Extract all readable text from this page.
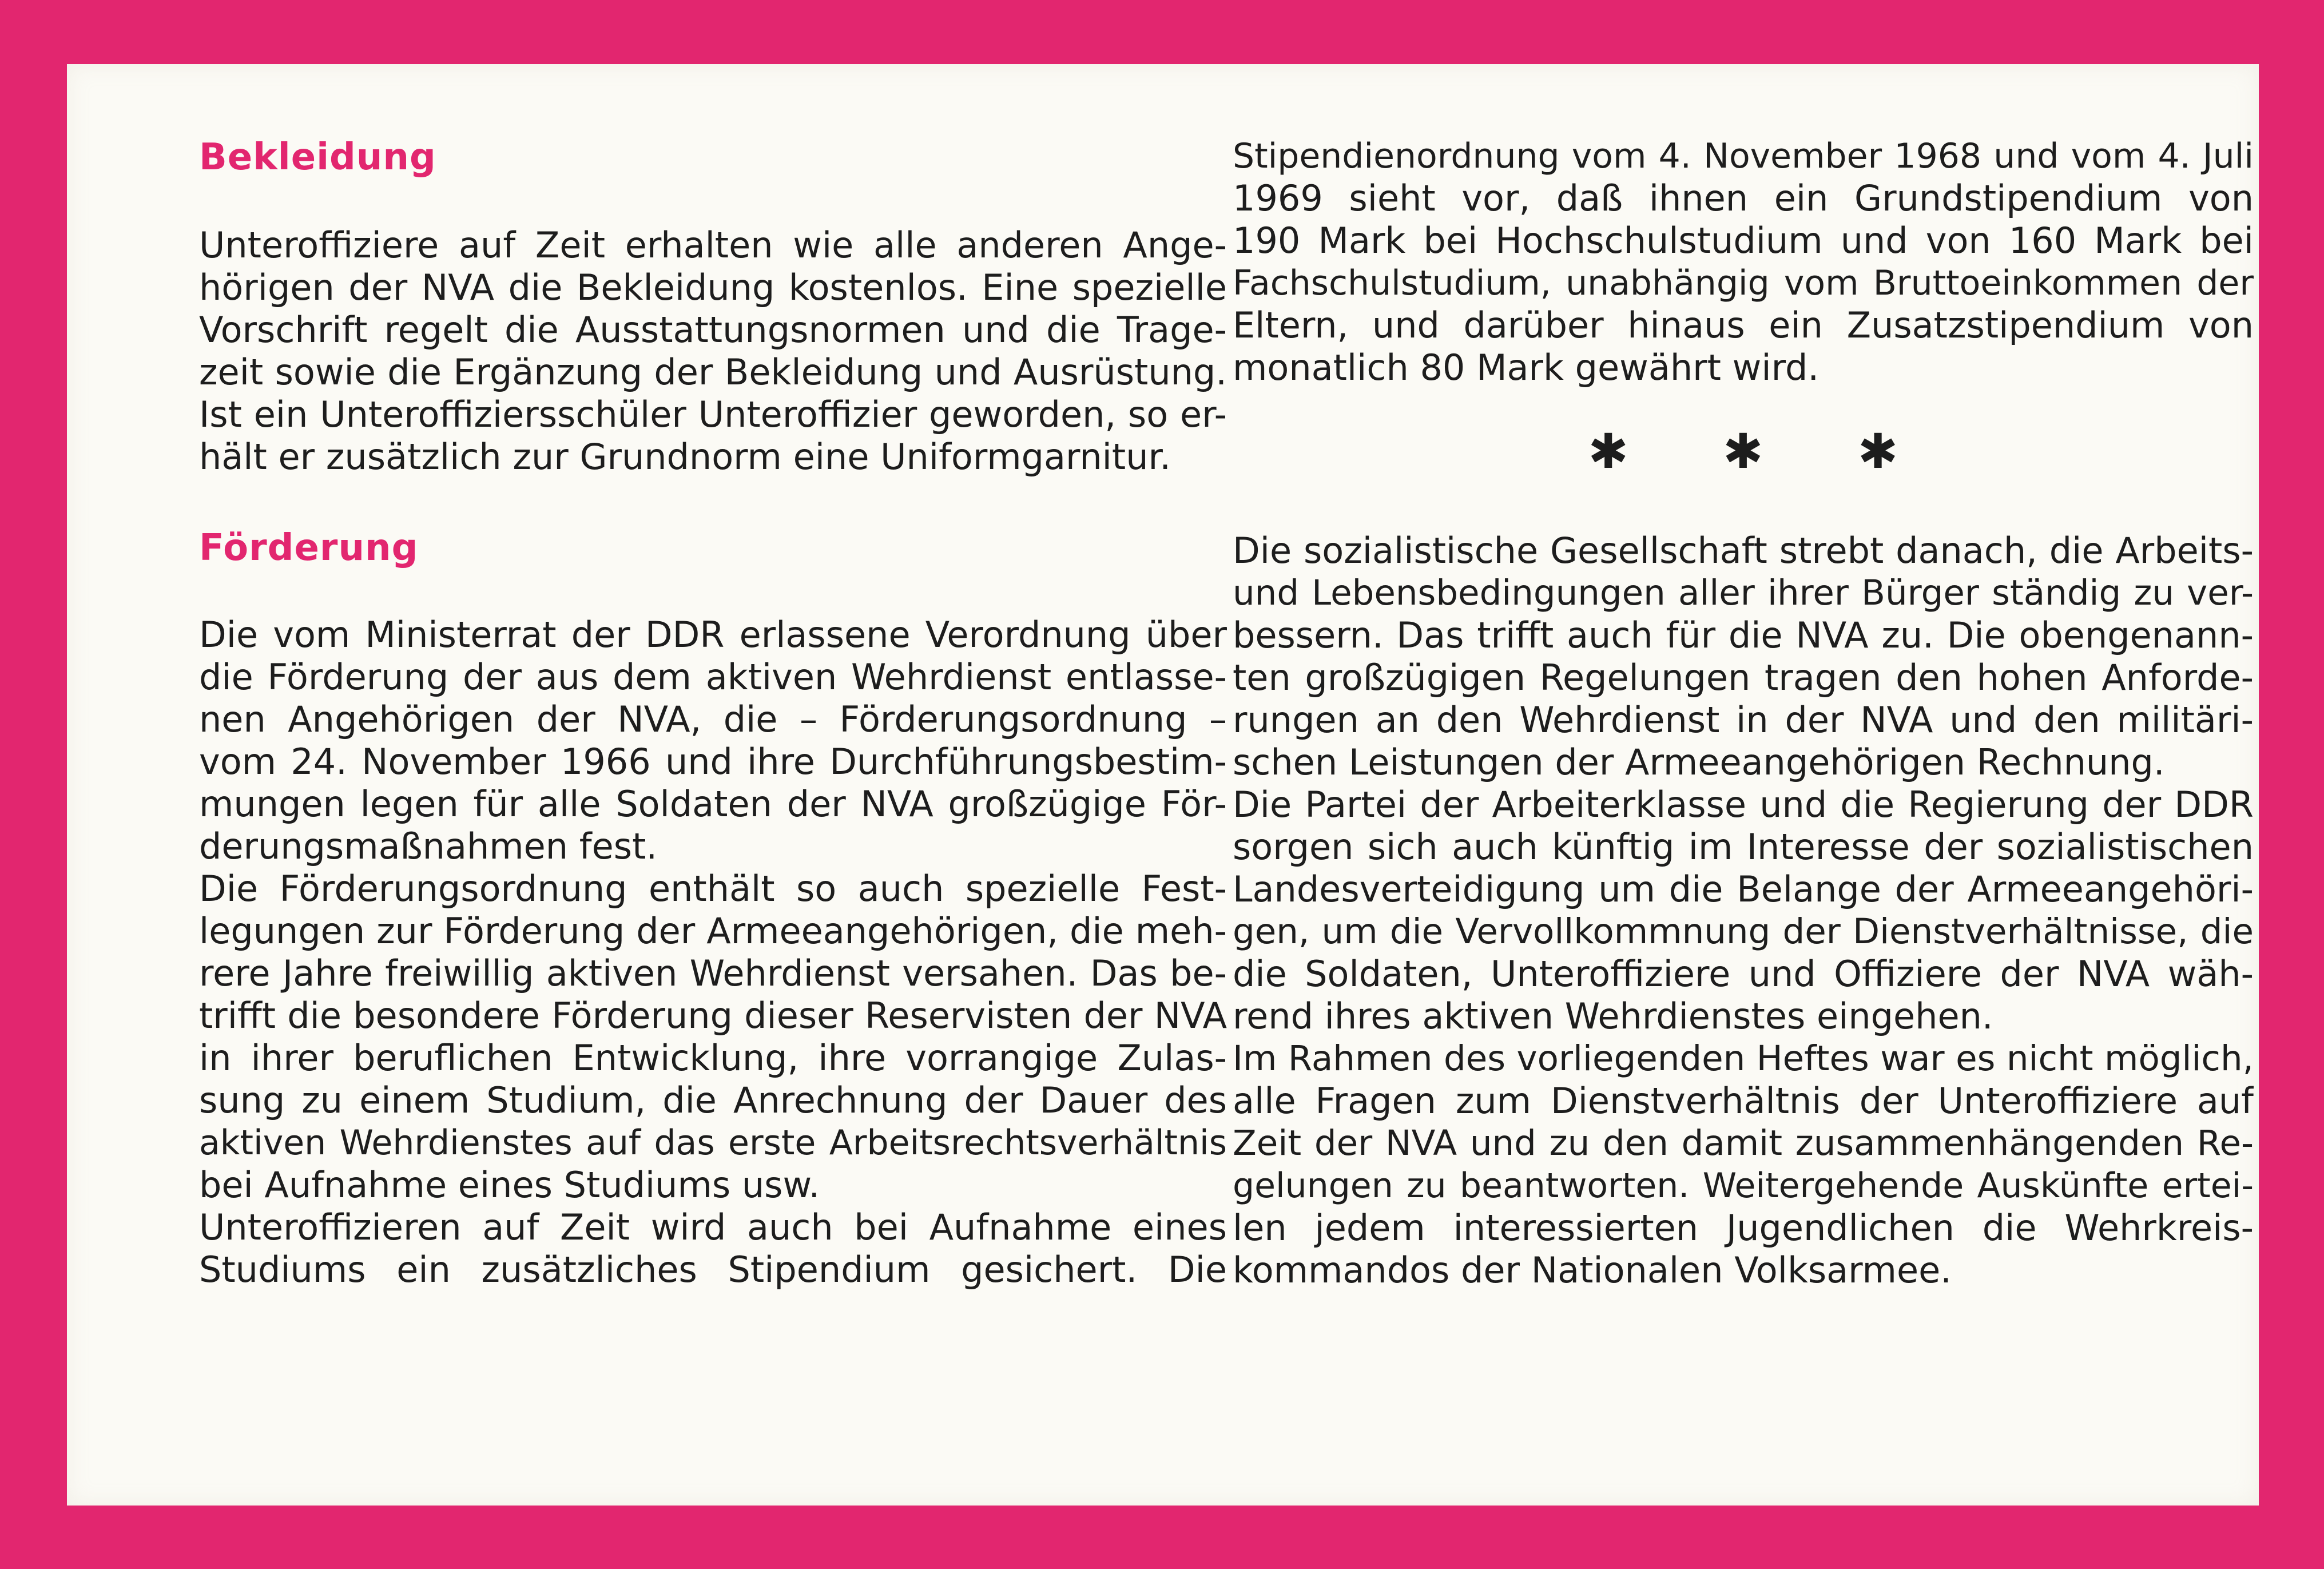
Bekleidung
Unteroffiziere auf Zeit erhalten wie alle anderen Ange-
hörigen der NVA die Bekleidung kostenlos. Eine spezielle
Vorschrift regelt die Ausstattungsnormen und die Trage-
zeit sowie die Ergänzung der Bekleidung und Ausrüstung.
Ist ein Unteroffiziersschüler Unteroffizier geworden, so er-
hält er zusätzlich zur Grundnorm eine Uniformgarnitur.
Förderung
Die vom Ministerrat der DDR erlassene Verordnung über
die Förderung der aus dem aktiven Wehrdienst entlasse-
nen Angehörigen der NVA, die – Förderungsordnung –
vom 24. November 1966 und ihre Durchführungsbestim-
mungen legen für alle Soldaten der NVA großzügige För-
derungsmaßnahmen fest.
Die Förderungsordnung enthält so auch spezielle Fest-
legungen zur Förderung der Armeeangehörigen, die meh-
rere Jahre freiwillig aktiven Wehrdienst versahen. Das be-
trifft die besondere Förderung dieser Reservisten der NVA
in ihrer beruflichen Entwicklung, ihre vorrangige Zulas-
sung zu einem Studium, die Anrechnung der Dauer des
aktiven Wehrdienstes auf das erste Arbeitsrechtsverhältnis
bei Aufnahme eines Studiums usw.
Unteroffizieren auf Zeit wird auch bei Aufnahme eines
Studiums ein zusätzliches Stipendium gesichert. Die
Stipendienordnung vom 4. November 1968 und vom 4. Juli
1969 sieht vor, daß ihnen ein Grundstipendium von
190 Mark bei Hochschulstudium und von 160 Mark bei
Fachschulstudium, unabhängig vom Bruttoeinkommen der
Eltern, und darüber hinaus ein Zusatzstipendium von
monatlich 80 Mark gewährt wird.
✱ ✱ ✱
Die sozialistische Gesellschaft strebt danach, die Arbeits-
und Lebensbedingungen aller ihrer Bürger ständig zu ver-
bessern. Das trifft auch für die NVA zu. Die obengenann-
ten großzügigen Regelungen tragen den hohen Anforde-
rungen an den Wehrdienst in der NVA und den militäri-
schen Leistungen der Armeeangehörigen Rechnung.
Die Partei der Arbeiterklasse und die Regierung der DDR
sorgen sich auch künftig im Interesse der sozialistischen
Landesverteidigung um die Belange der Armeeangehöri-
gen, um die Vervollkommnung der Dienstverhältnisse, die
die Soldaten, Unteroffiziere und Offiziere der NVA wäh-
rend ihres aktiven Wehrdienstes eingehen.
Im Rahmen des vorliegenden Heftes war es nicht möglich,
alle Fragen zum Dienstverhältnis der Unteroffiziere auf
Zeit der NVA und zu den damit zusammenhängenden Re-
gelungen zu beantworten. Weitergehende Auskünfte ertei-
len jedem interessierten Jugendlichen die Wehrkreis-
kommandos der Nationalen Volksarmee.
